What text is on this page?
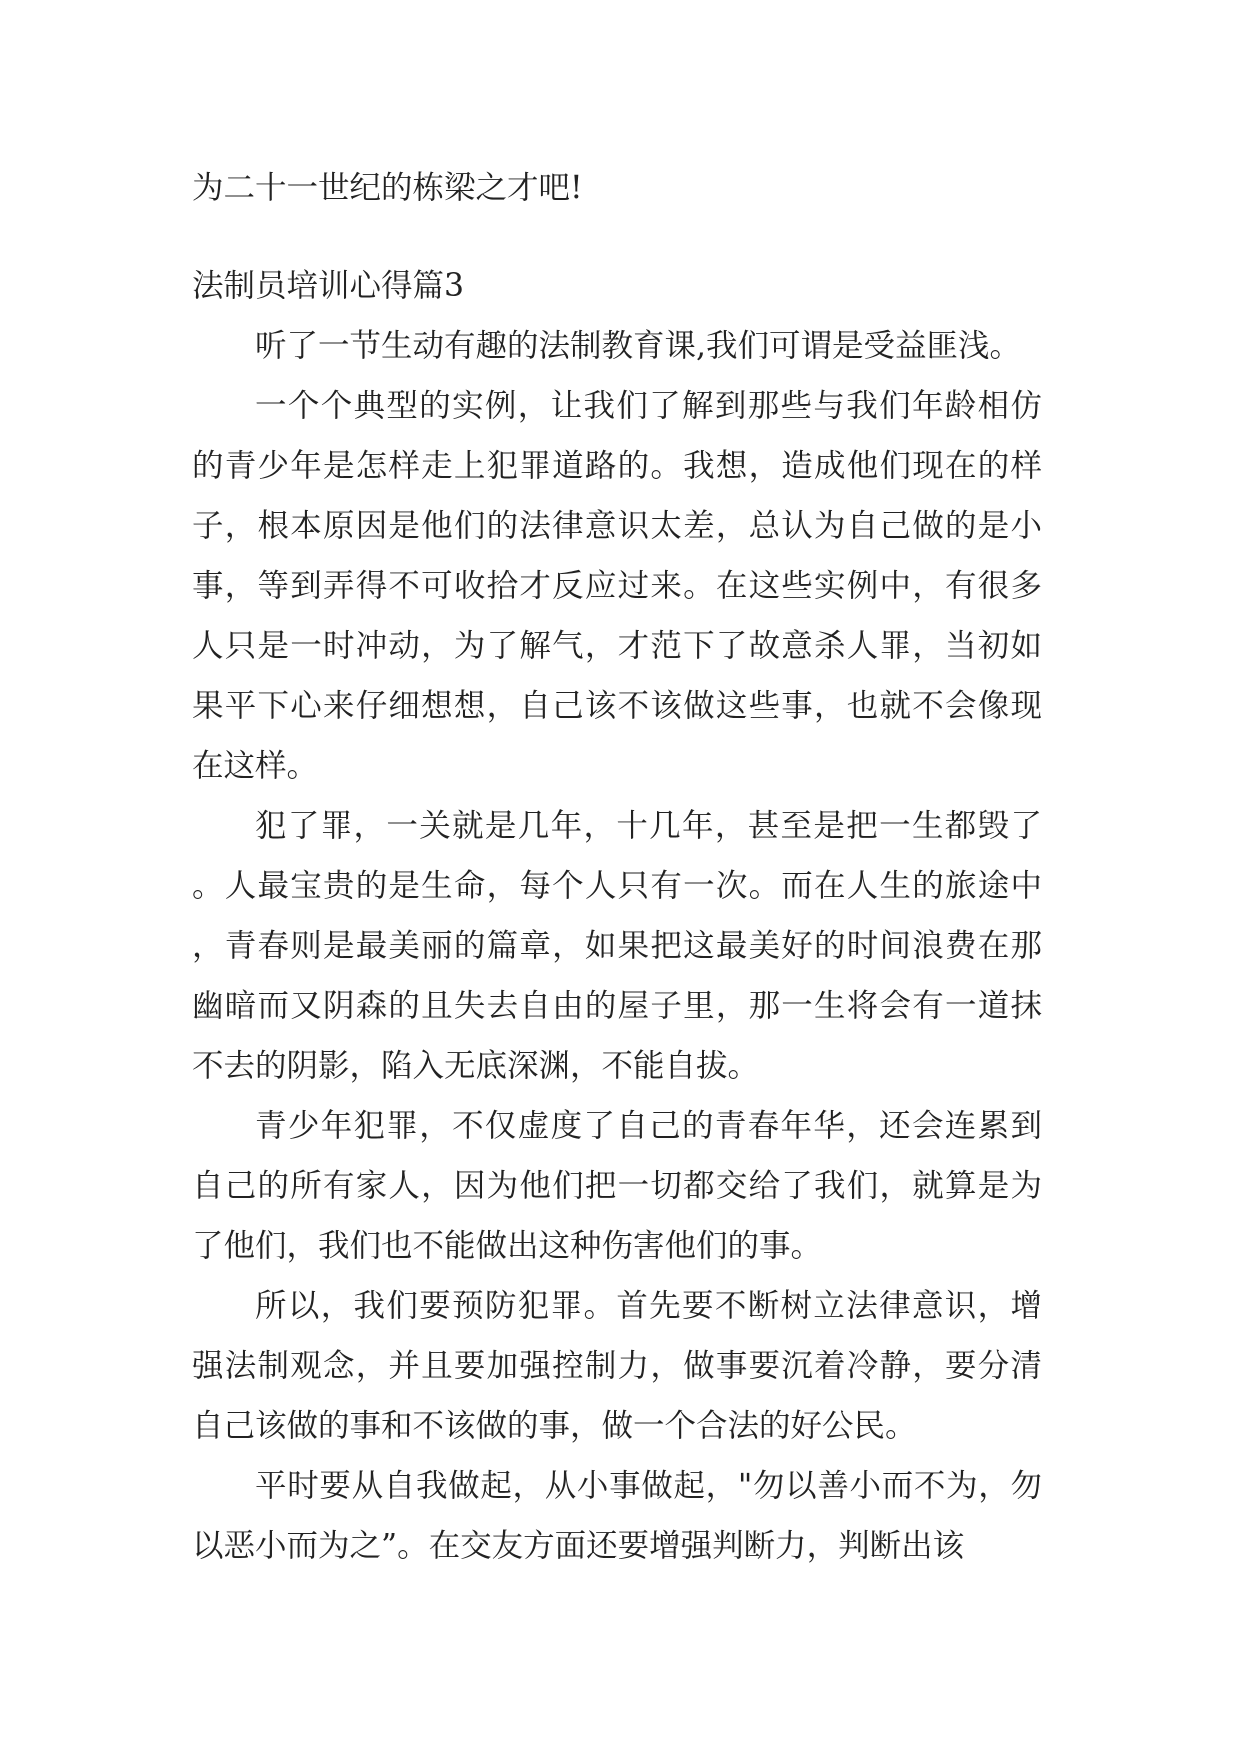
为二十一世纪的栋梁之才吧!
法制员培训心得篇3

听了一节生动有趣的法制教育课,我们可谓是受益匪浅。

一个个典型的实例，让我们了解到那些与我们年龄相仿的青少年是怎样走上犯罪道路的。我想，造成他们现在的样子，根本原因是他们的法律意识太差，总认为自己做的是小事，等到弄得不可收拾才反应过来。在这些实例中，有很多人只是一时冲动，为了解气，才范下了故意杀人罪，当初如果平下心来仔细想想，自己该不该做这些事，也就不会像现在这样。

犯了罪，一关就是几年，十几年，甚至是把一生都毁了。人最宝贵的是生命，每个人只有一次。而在人生的旅途中，青春则是最美丽的篇章，如果把这最美好的时间浪费在那幽暗而又阴森的且失去自由的屋子里，那一生将会有一道抹不去的阴影，陷入无底深渊，不能自拔。

青少年犯罪，不仅虚度了自己的青春年华，还会连累到自己的所有家人，因为他们把一切都交给了我们，就算是为了他们，我们也不能做出这种伤害他们的事。

所以，我们要预防犯罪。首先要不断树立法律意识，增强法制观念，并且要加强控制力，做事要沉着冷静，要分清自己该做的事和不该做的事，做一个合法的好公民。

平时要从自我做起，从小事做起，"勿以善小而不为，勿以恶小而为之”。在交友方面还要增强判断力，判断出该
